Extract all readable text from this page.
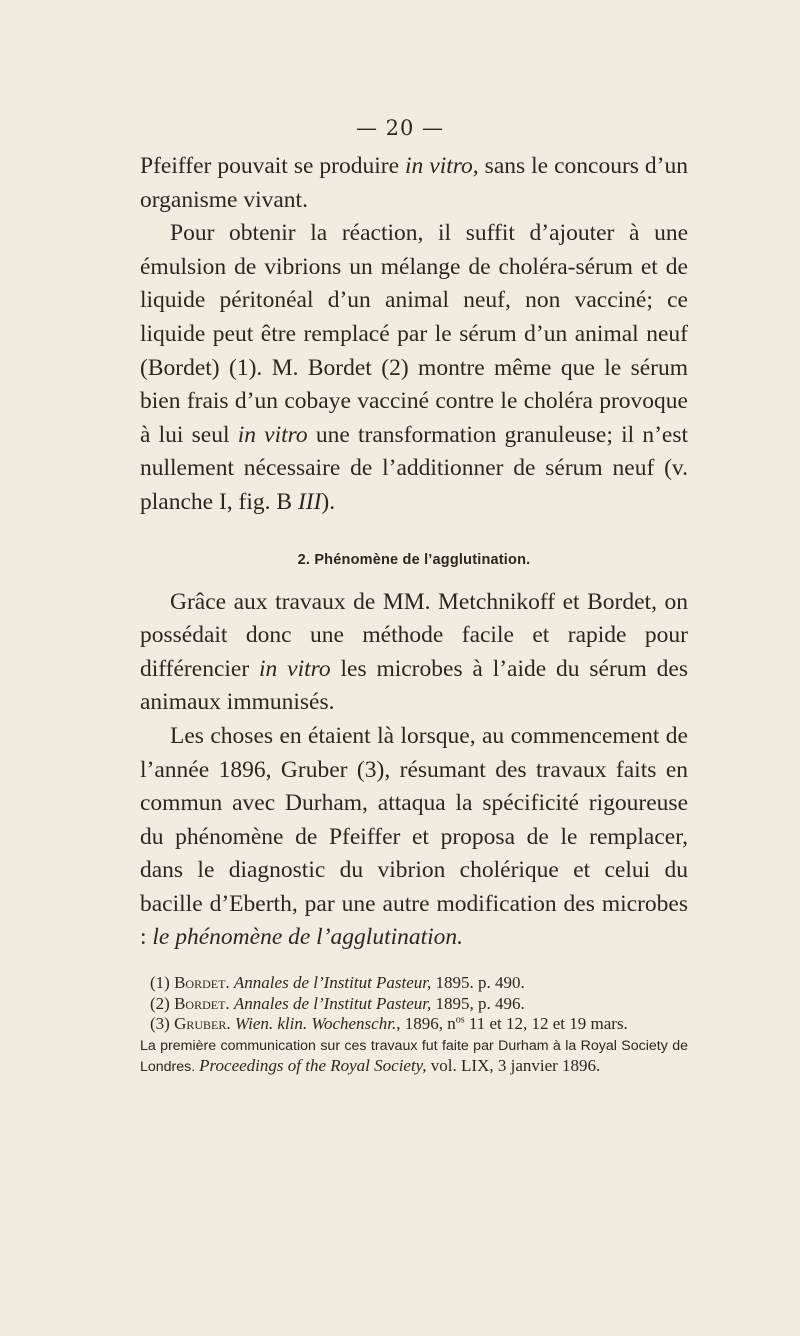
— 20 —

Pfeiffer pouvait se produire in vitro, sans le concours d’un organisme vivant.

Pour obtenir la réaction, il suffit d’ajouter à une émulsion de vibrions un mélange de choléra-sérum et de liquide péritonéal d’un animal neuf, non vacciné; ce liquide peut être remplacé par le sérum d’un animal neuf (Bordet) (1). M. Bordet (2) montre même que le sérum bien frais d’un cobaye vacciné contre le choléra provoque à lui seul in vitro une transformation granuleuse; il n’est nullement nécessaire de l’additionner de sérum neuf (v. planche I, fig. B III).

2. Phénomène de l’agglutination.

Grâce aux travaux de MM. Metchnikoff et Bordet, on possédait donc une méthode facile et rapide pour différencier in vitro les microbes à l’aide du sérum des animaux immunisés.

Les choses en étaient là lorsque, au commencement de l’année 1896, Gruber (3), résumant des travaux faits en commun avec Durham, attaqua la spécificité rigoureuse du phénomène de Pfeiffer et proposa de le remplacer, dans le diagnostic du vibrion cholérique et celui du bacille d’Eberth, par une autre modification des microbes : le phénomène de l’agglutination.

(1) Bordet. Annales de l’Institut Pasteur, 1895. p. 490.

(2) Bordet. Annales de l’Institut Pasteur, 1895, p. 496.

(3) Gruber. Wien. klin. Wochenschr., 1896, $n^{os}$ 11 et 12, 12 et 19 mars.

La première communication sur ces travaux fut faite par Durham à la Royal Society de Londres. Proceedings of the Royal Society, vol. LIX, 3 janvier 1896.
